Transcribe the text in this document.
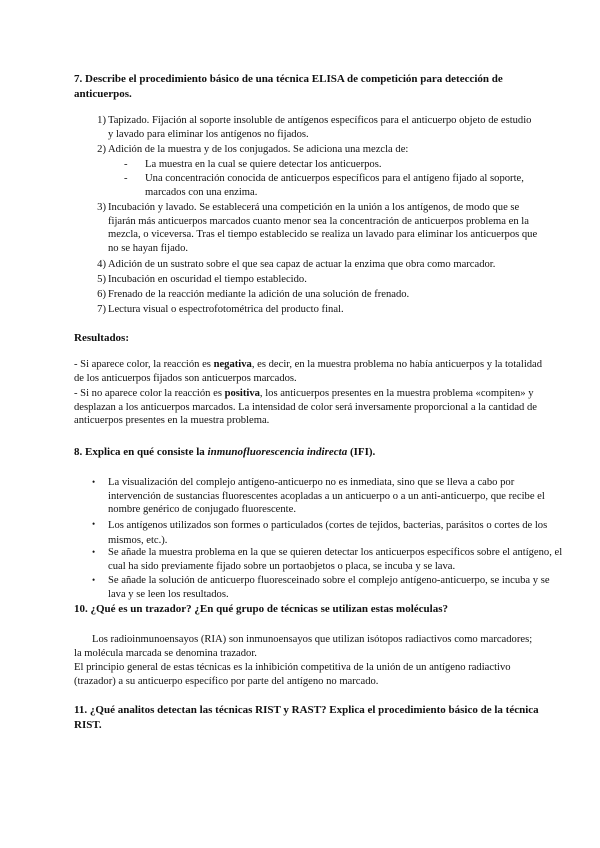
7. Describe el procedimiento básico de una técnica ELISA de competición para detección de anticuerpos.
1) Tapizado. Fijación al soporte insoluble de antígenos específicos para el anticuerpo objeto de estudio y lavado para eliminar los antígenos no fijados.
2) Adición de la muestra y de los conjugados. Se adiciona una mezcla de:
- La muestra en la cual se quiere detectar los anticuerpos.
- Una concentración conocida de anticuerpos específicos para el antígeno fijado al soporte, marcados con una enzima.
3) Incubación y lavado. Se establecerá una competición en la unión a los antígenos, de modo que se fijarán más anticuerpos marcados cuanto menor sea la concentración de anticuerpos problema en la mezcla, o viceversa. Tras el tiempo establecido se realiza un lavado para eliminar los anticuerpos que no se hayan fijado.
4) Adición de un sustrato sobre el que sea capaz de actuar la enzima que obra como marcador.
5) Incubación en oscuridad el tiempo establecido.
6) Frenado de la reacción mediante la adición de una solución de frenado.
7) Lectura visual o espectrofotométrica del producto final.
Resultados:
- Si aparece color, la reacción es negativa, es decir, en la muestra problema no había anticuerpos y la totalidad de los anticuerpos fijados son anticuerpos marcados.
- Si no aparece color la reacción es positiva, los anticuerpos presentes en la muestra problema «compiten» y desplazan a los anticuerpos marcados. La intensidad de color será inversamente proporcional a la cantidad de anticuerpos presentes en la muestra problema.
8. Explica en qué consiste la inmunofluorescencia indirecta (IFI).
• La visualización del complejo antígeno-anticuerpo no es inmediata, sino que se lleva a cabo por intervención de sustancias fluorescentes acopladas a un anticuerpo o a un anti-anticuerpo, que recibe el nombre genérico de conjugado fluorescente.
• Los antígenos utilizados son formes o particulados (cortes de tejidos, bacterias, parásitos o cortes de los mismos, etc.).
• Se añade la muestra problema en la que se quieren detectar los anticuerpos específicos sobre el antígeno, el cual ha sido previamente fijado sobre un portaobjetos o placa, se incuba y se lava.
• Se añade la solución de anticuerpo fluoresceinado sobre el complejo antígeno-anticuerpo, se incuba y se lava y se leen los resultados.
10. ¿Qué es un trazador? ¿En qué grupo de técnicas se utilizan estas moléculas?
Los radioinmunoensayos (RIA) son inmunoensayos que utilizan isótopos radiactivos como marcadores; la molécula marcada se denomina trazador.
El principio general de estas técnicas es la inhibición competitiva de la unión de un antígeno radiactivo (trazador) a su anticuerpo específico por parte del antígeno no marcado.
11. ¿Qué analitos detectan las técnicas RIST y RAST? Explica el procedimiento básico de la técnica RIST.
